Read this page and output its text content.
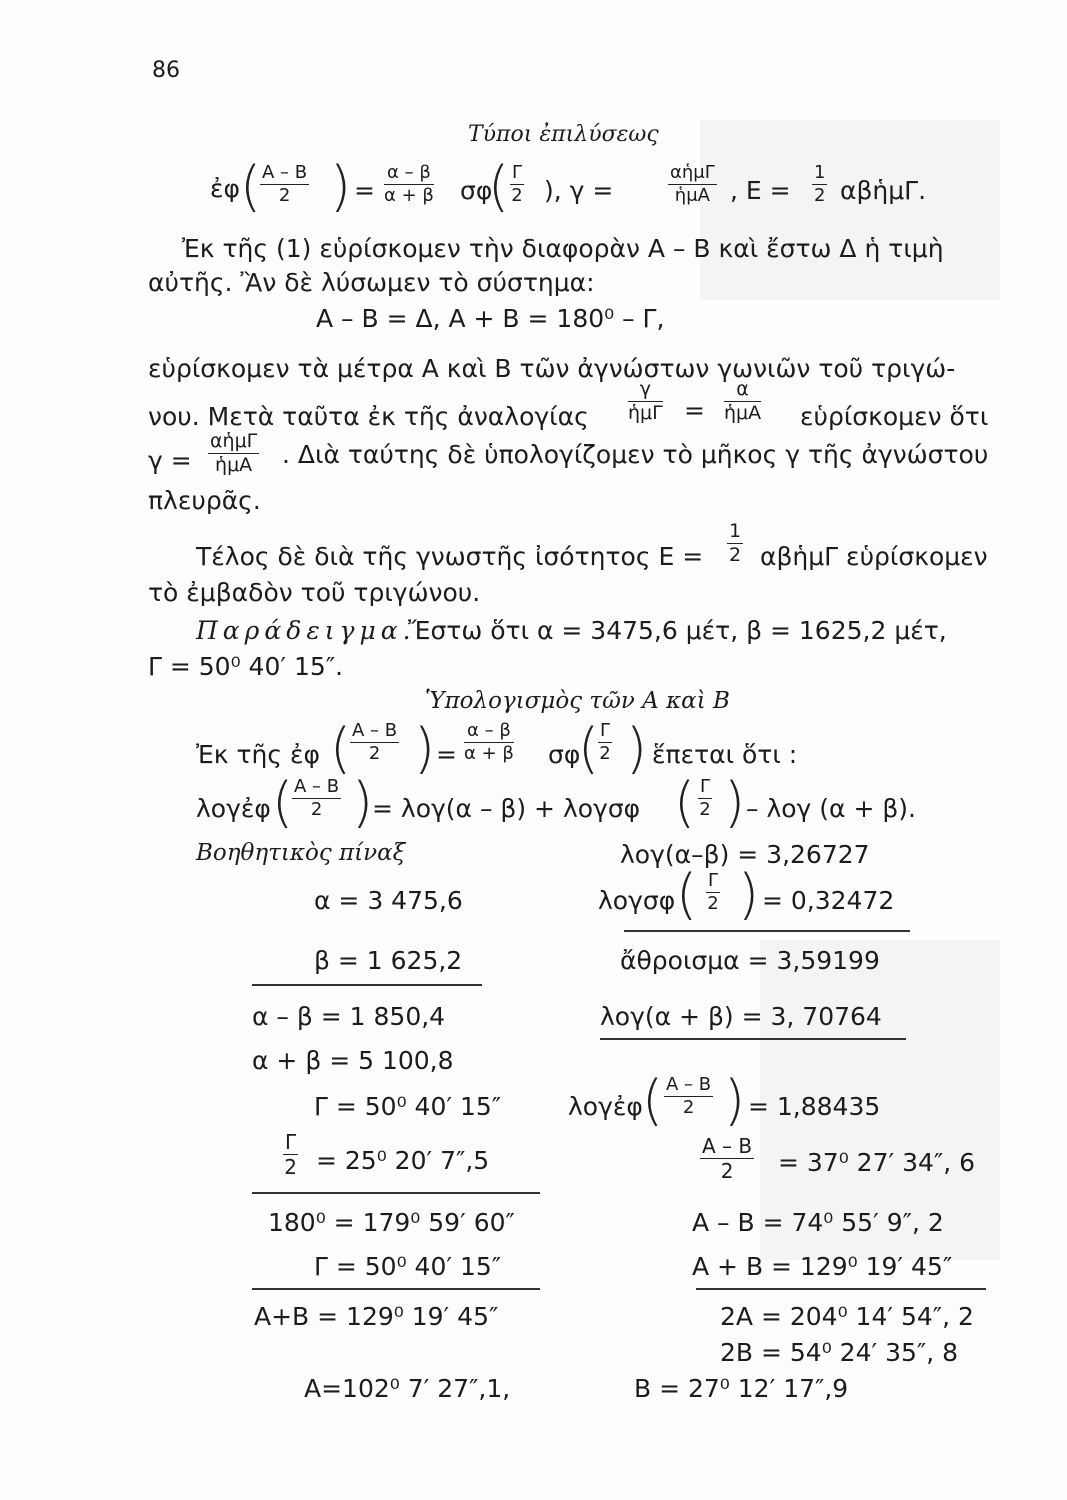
86
Τύποι ἐπιλύσεως
ἐφ (
$\frac{A - B}{2}$ ) = $\frac{\alpha - \beta}{\alpha + \beta}$ σφ
( $\frac{\Gamma}{2}$ ), γ =
αἡμΓ
ἡμA , $E = \frac{1}{2}$ αβἡμΓ.
Ἐκ τῆς (1) εὑρίσκομεν τὴν διαφορὰν A – B καὶ ἔστω Δ ἡ τιμὴ
αὐτῆς. Ἂν δὲ λύσωμεν τὸ σύστημα:
A – B = Δ, A + B = 180⁰ – Γ,
εὑρίσκομεν τὰ μέτρα A καὶ B τῶν ἀγνώστων γωνιῶν τοῦ τριγώ-
νου. Μετὰ ταῦτα ἐκ τῆς ἀναλογίας
γ
ἡμΓ =
α
ἡμA εὑρίσκομεν ὅτι
γ =
αἡμΓ
ἡμA . Διὰ ταύτης δὲ ὑπολογίζομεν τὸ μῆκος γ τῆς ἀγνώστου
πλευρᾶς.
Τέλος δὲ διὰ τῆς γνωστῆς ἰσότητος $E = \frac{1}{2}$ αβἡμΓ εὑρίσκομεν
τὸ ἐμβαδὸν τοῦ τριγώνου.
Παράδειγμα.
Ἔστω ὅτι α = 3475,6 μέτ, β = 1625,2 μέτ,
Γ = 50⁰ 40′ 15″.
Ὑπολογισμὸς τῶν A καὶ B
Ἐκ τῆς ἐφ (
$\frac{A - B}{2}$ ) = $\frac{\alpha - \beta}{\alpha + \beta}$ σφ
(
$\frac{\Gamma}{2}$ ) ἕπεται ὅτι :
λογἐφ (
$\frac{A - B}{2}$ )
= λογ(α – β) + λογσφ ( $\frac{\Gamma}{2}$ ) – λογ (α + β).
Βοηθητικὸς πίναξ
α = 3 475,6
β = 1 625,2
α – β = 1 850,4
α + β = 5 100,8
Γ = 50⁰ 40′ 15″
$\frac{\Gamma}{2} = 25^0$ 20′ 7″,5
180⁰ = 179⁰ 59′ 60″
Γ = 50⁰ 40′ 15″
A+B = 129⁰ 19′ 45″
A=102⁰ 7′ 27″,1,
λογ(α–β) = 3,26727
λογσφ ( $\frac{\Gamma}{2}$ ) = 0,32472
ἄθροισμα = 3,59199
λογ(α + β) = 3, 70764
λογἐφ ( $\frac{A - B}{2}$ ) = 1,88435
$\frac{A - B}{2} = 37^0$ 27′ 34″, 6
A – B = 74⁰ 55′ 9″, 2
A + B = 129⁰ 19′ 45″
2A = 204⁰ 14′ 54″, 2
2B = 54⁰ 24′ 35″, 8
B = 27⁰ 12′ 17″,9
